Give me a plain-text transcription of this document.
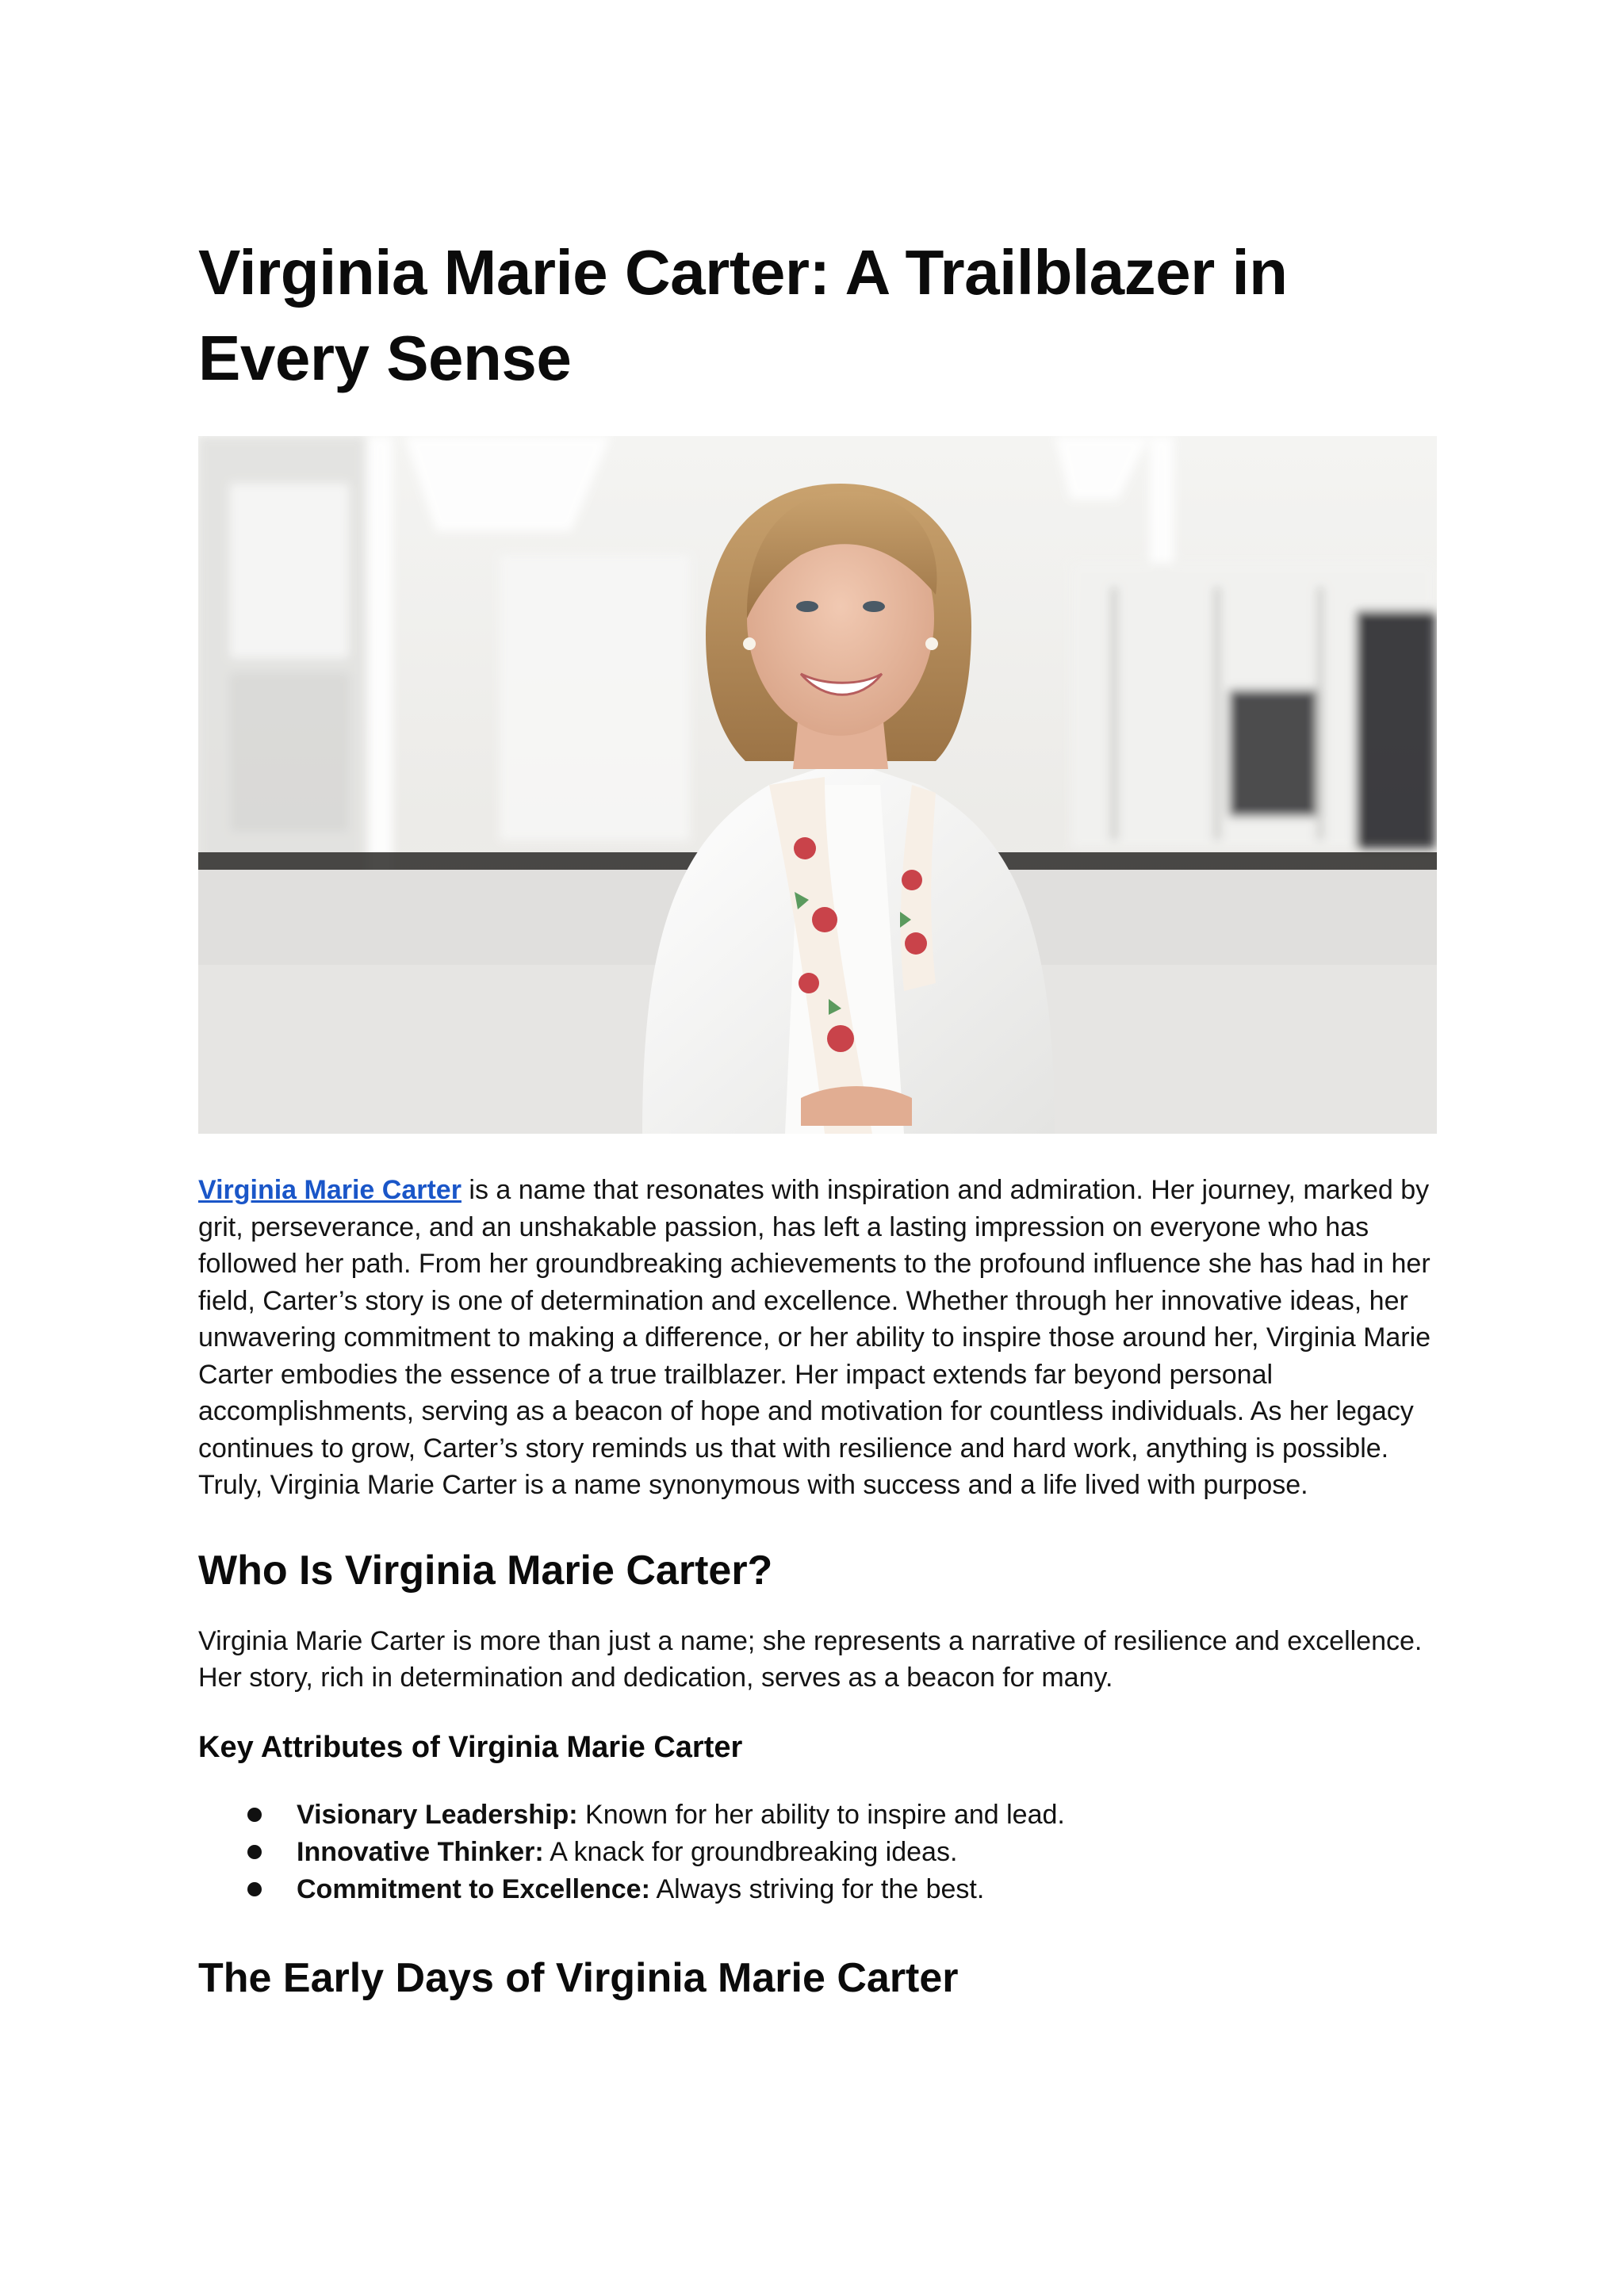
Virginia Marie Carter: A Trailblazer in Every Sense

Virginia Marie Carter is a name that resonates with inspiration and admiration. Her journey, marked by grit, perseverance, and an unshakable passion, has left a lasting impression on everyone who has followed her path. From her groundbreaking achievements to the profound influence she has had in her field, Carter’s story is one of determination and excellence. Whether through her innovative ideas, her unwavering commitment to making a difference, or her ability to inspire those around her, Virginia Marie Carter embodies the essence of a true trailblazer. Her impact extends far beyond personal accomplishments, serving as a beacon of hope and motivation for countless individuals. As her legacy continues to grow, Carter’s story reminds us that with resilience and hard work, anything is possible. Truly, Virginia Marie Carter is a name synonymous with success and a life lived with purpose.

Who Is Virginia Marie Carter?

Virginia Marie Carter is more than just a name; she represents a narrative of resilience and excellence. Her story, rich in determination and dedication, serves as a beacon for many.

Key Attributes of Virginia Marie Carter
Visionary Leadership: Known for her ability to inspire and lead.
Innovative Thinker: A knack for groundbreaking ideas.
Commitment to Excellence: Always striving for the best.
The Early Days of Virginia Marie Carter
